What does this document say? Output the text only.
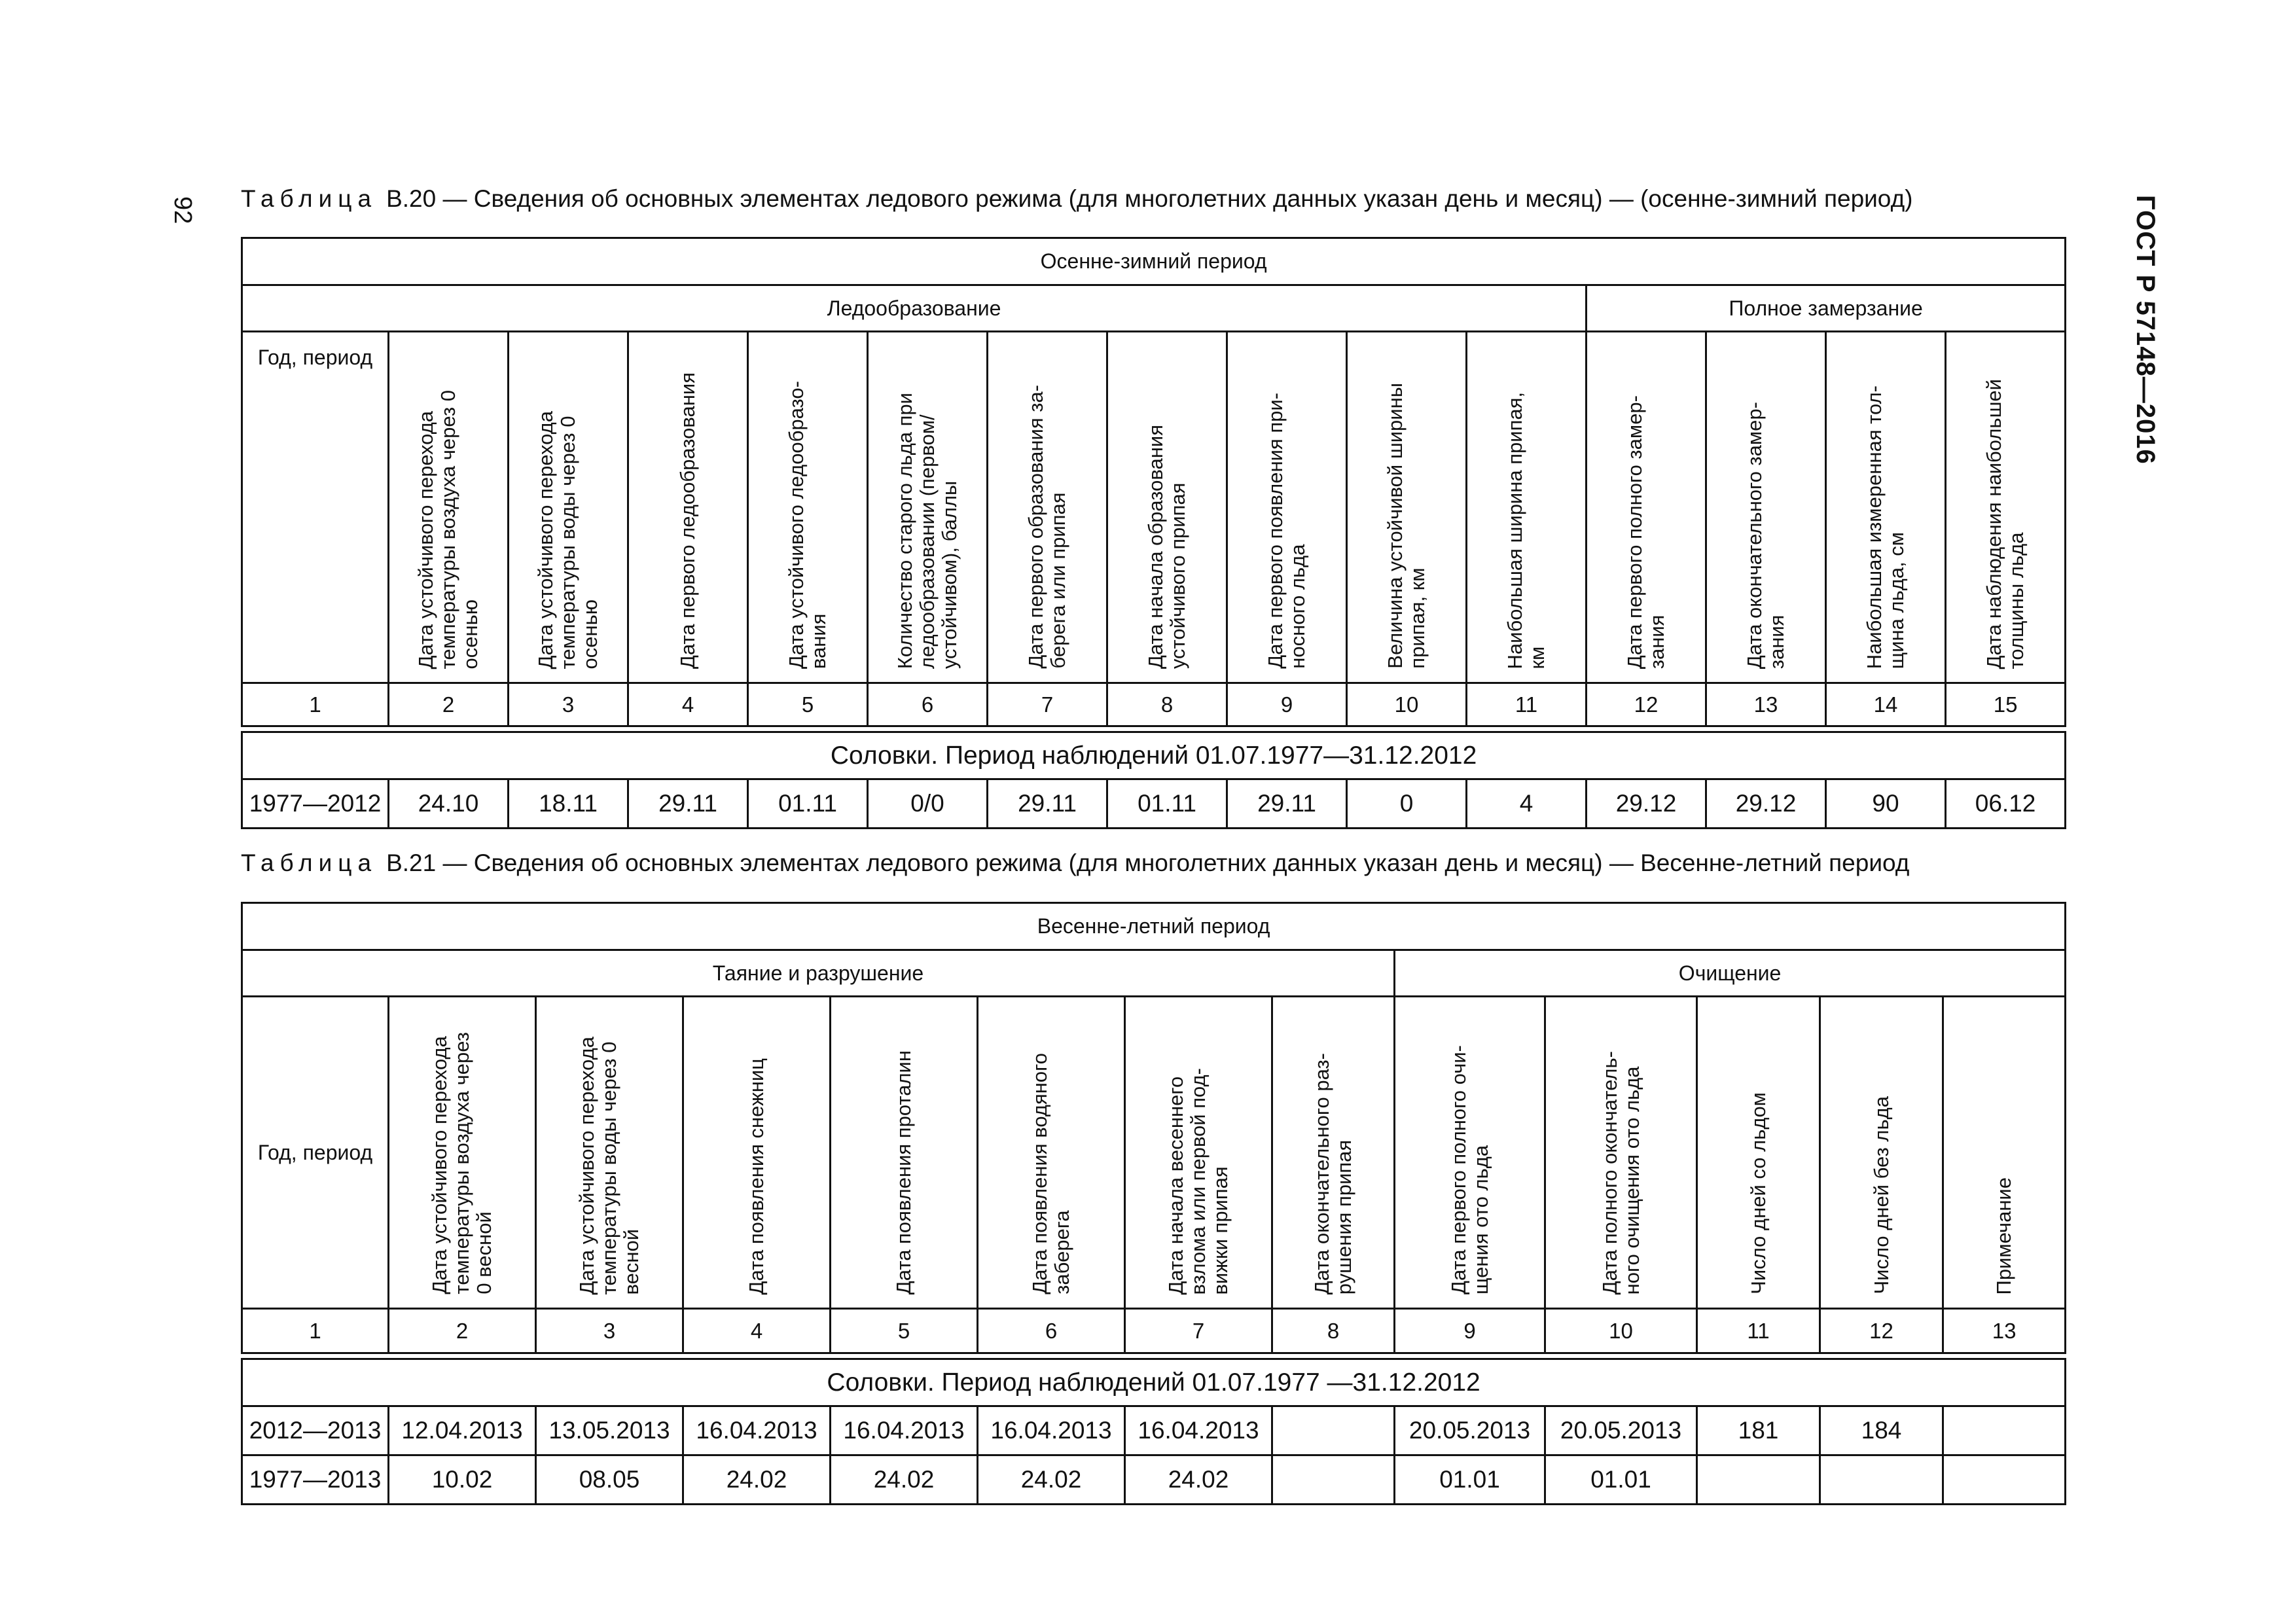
92	ГОСТ Р 57148—2016
Таблица В.20 — Сведения об основных элементах ледового режима (для многолетних данных указан день и месяц) — (осенне-зимний период)
Осенне-зимний период														
Ледообразование											Полное замерзание			
Год, период	Дата устойчивого перехода
температуры воздуха через 0
осенью	Дата устойчивого перехода
температуры воды через 0
осенью	Дата первого ледообразования	Дата устойчивого ледообразо-
вания	Количество старого льда при
ледообразовании (первом/
устойчивом), баллы	Дата первого образования за-
берега или припая	Дата начала образования
устойчивого припая	Дата первого появления при-
носного льда	Величина устойчивой ширины
припая, км	Наибольшая ширина припая,
км	Дата первого полного замер-
зания	Дата окончательного замер-
зания	Наибольшая измеренная тол-
щина льда, см	Дата наблюдения наибольшей
толщины льда

1	2	3	4	5	6	7	8	9	10	11	12	13	14	15

Соловки. Период наблюдений 01.07.1977—31.12.2012														
1977—2012	24.10	18.11	29.11	01.11	0/0	29.11	01.11	29.11	0	4	29.12	29.12	90	06.12
Таблица В.21 — Сведения об основных элементах ледового режима (для многолетних данных указан день и месяц) — Весенне-летний период
Весенне-летний период												
Таяние и разрушение								Очищение				
Год, период	Дата устойчивого перехода
температуры воздуха через
0 весной	Дата устойчивого перехода
температуры воды через 0
весной	Дата появления снежниц	Дата появления проталин	Дата появления водяного
заберега	Дата начала весеннего
взлома или первой под-
вижки припая	Дата окончательного раз-
рушения припая	Дата первого полного очи-
щения ото льда	Дата полного окончатель-
ного очищения ото льда	Число дней со льдом	Число дней без льда	Примечание

1	2	3	4	5	6	7	8	9	10	11	12	13

Соловки. Период наблюдений 01.07.1977 —31.12.2012												
2012—2013	12.04.2013	13.05.2013	16.04.2013	16.04.2013	16.04.2013	16.04.2013		20.05.2013	20.05.2013	181	184	
1977—2013	10.02	08.05	24.02	24.02	24.02	24.02		01.01	01.01			
